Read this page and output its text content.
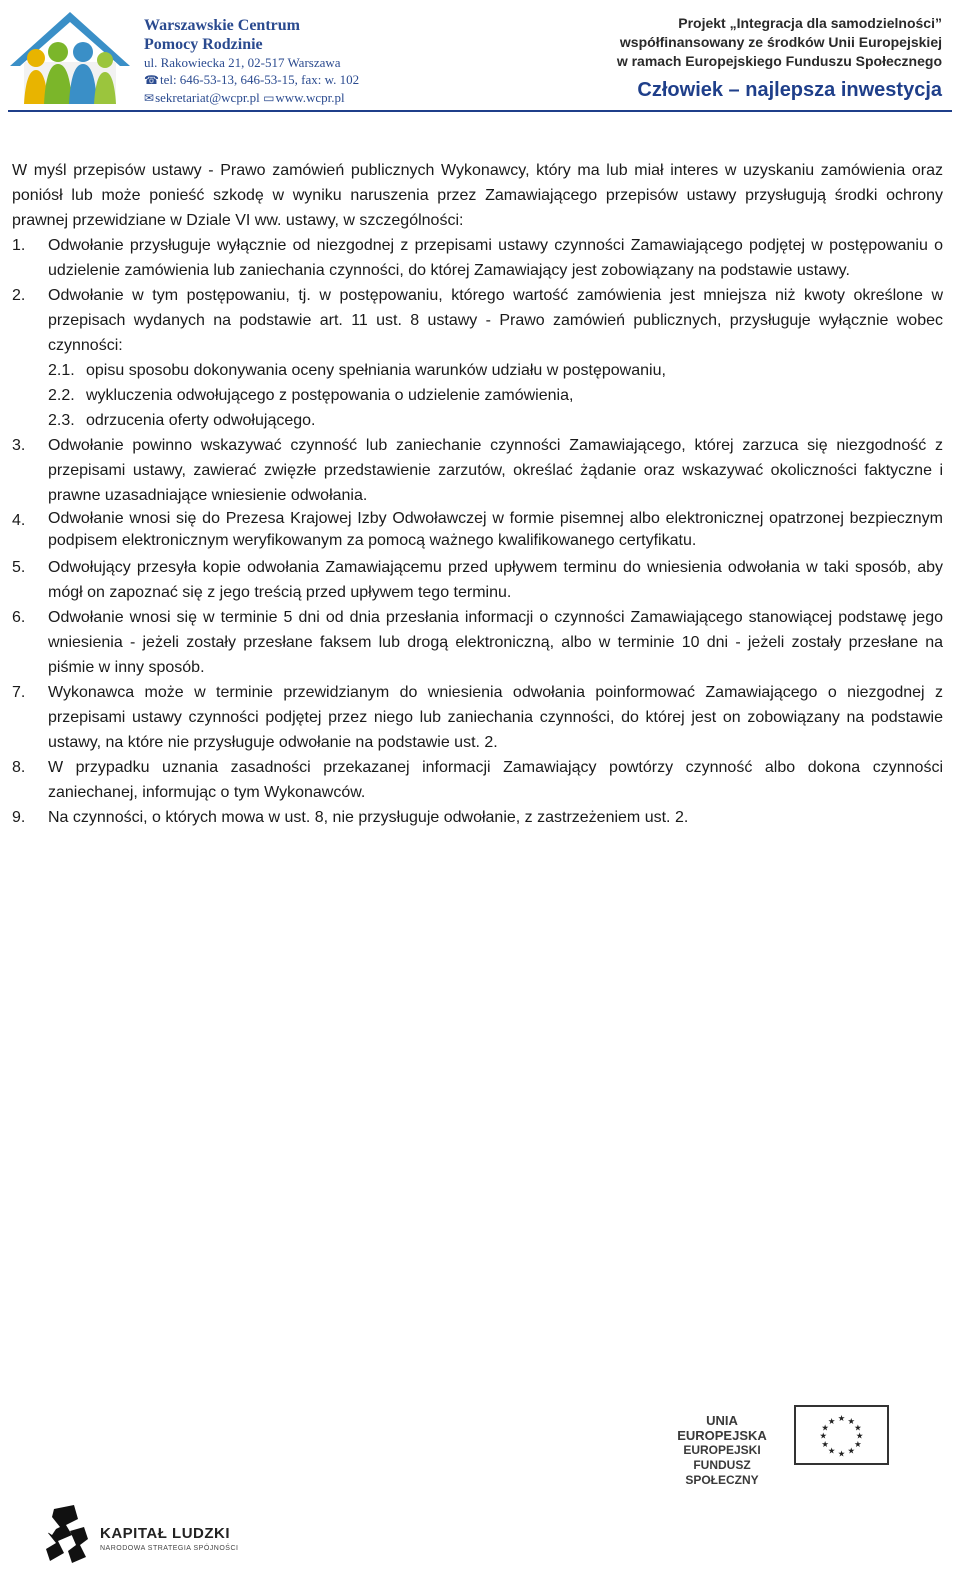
Warszawskie Centrum
Pomocy Rodzinie
ul. Rakowiecka 21, 02-517 Warszawa
☎tel: 646-53-13, 646-53-15, fax: w. 102
✉sekretariat@wcpr.pl ▭www.wcpr.pl
Projekt „Integracja dla samodzielności”
współfinansowany ze środków Unii Europejskiej
w ramach Europejskiego Funduszu Społecznego
Człowiek – najlepsza inwestycja

W myśl przepisów ustawy - Prawo zamówień publicznych Wykonawcy, który ma lub miał interes w uzyskaniu zamówienia oraz poniósł lub może ponieść szkodę w wyniku naruszenia przez Zamawiającego przepisów ustawy przysługują środki ochrony prawnej przewidziane w Dziale VI ww. ustawy, w szczególności:

1.	Odwołanie przysługuje wyłącznie od niezgodnej z przepisami ustawy czynności Zamawiającego podjętej w postępowaniu o udzielenie zamówienia lub zaniechania czynności, do której Zamawiający jest zobowiązany na podstawie ustawy.
2.	Odwołanie w tym postępowaniu, tj. w postępowaniu, którego wartość zamówienia jest mniejsza niż kwoty określone w przepisach wydanych na podstawie art. 11 ust. 8 ustawy - Prawo zamówień publicznych, przysługuje wyłącznie wobec czynności:
2.1. opisu sposobu dokonywania oceny spełniania warunków udziału w postępowaniu,
2.2. wykluczenia odwołującego z postępowania o udzielenie zamówienia,
2.3. odrzucenia oferty odwołującego.
3.	Odwołanie powinno wskazywać czynność lub zaniechanie czynności Zamawiającego, której zarzuca się niezgodność z przepisami ustawy, zawierać zwięzłe przedstawienie zarzutów, określać żądanie oraz wskazywać okoliczności faktyczne i prawne uzasadniające wniesienie odwołania.
4.	Odwołanie wnosi się do Prezesa Krajowej Izby Odwoławczej w formie pisemnej albo elektronicznej opatrzonej bezpiecznym podpisem elektronicznym weryfikowanym za pomocą ważnego kwalifikowanego certyfikatu.
5.	Odwołujący przesyła kopie odwołania Zamawiającemu przed upływem terminu do wniesienia odwołania w taki sposób, aby mógł on zapoznać się z jego treścią przed upływem tego terminu.
6.	Odwołanie wnosi się w terminie 5 dni od dnia przesłania informacji o czynności Zamawiającego stanowiącej podstawę jego wniesienia - jeżeli zostały przesłane faksem lub drogą elektroniczną, albo w terminie 10 dni - jeżeli zostały przesłane na piśmie w inny sposób.
7.	Wykonawca może w terminie przewidzianym do wniesienia odwołania poinformować Zamawiającego o niezgodnej z przepisami ustawy czynności podjętej przez niego lub zaniechania czynności, do której jest on zobowiązany na podstawie ustawy, na które nie przysługuje odwołanie na podstawie ust. 2.
8.	W przypadku uznania zasadności przekazanej informacji Zamawiający powtórzy czynność albo dokona czynności zaniechanej, informując o tym Wykonawców.
9.	Na czynności, o których mowa w ust. 8, nie przysługuje odwołanie, z zastrzeżeniem ust. 2.
UNIA EUROPEJSKA
EUROPEJSKI
FUNDUSZ SPOŁECZNY
★ ★
★
★
★
★
★
★
★
★
★
★
KAPITAŁ LUDZKI
NARODOWA STRATEGIA SPÓJNOŚCI
